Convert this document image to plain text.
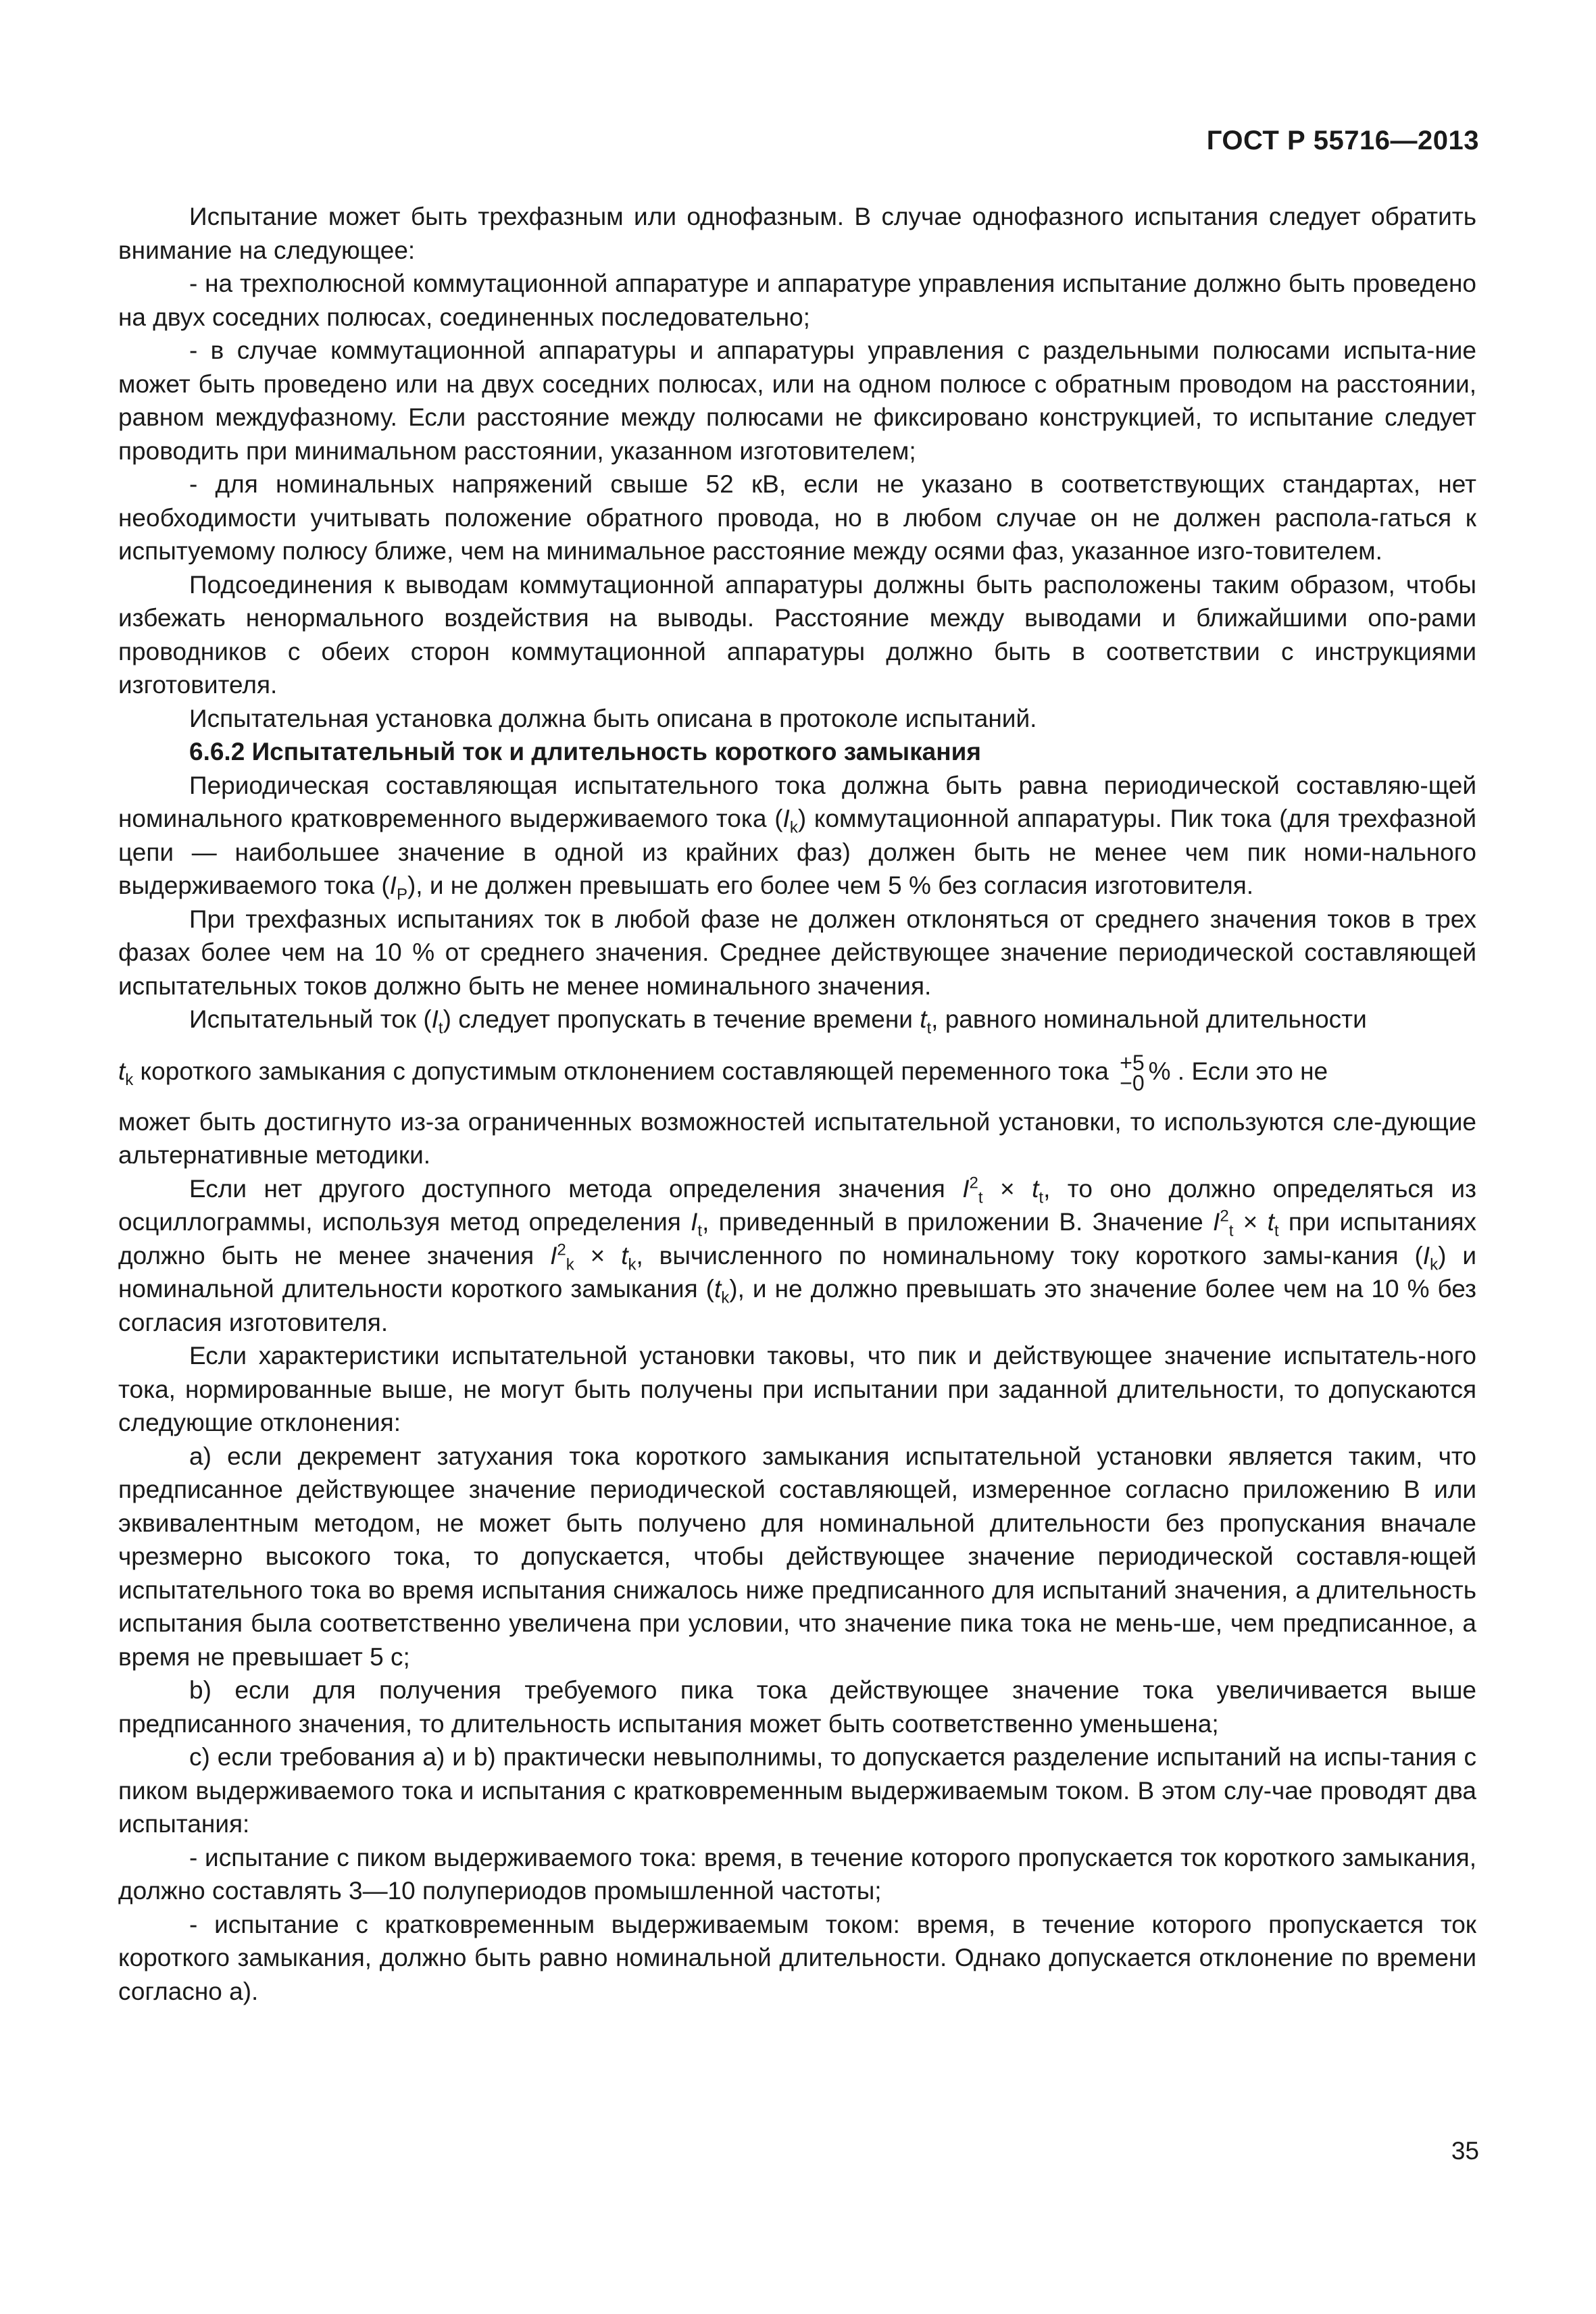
ГОСТ Р 55716—2013

Испытание может быть трехфазным или однофазным. В случае однофазного испытания следует обратить внимание на следующее:

- на трехполюсной коммутационной аппаратуре и аппаратуре управления испытание должно быть проведено на двух соседних полюсах, соединенных последовательно;

- в случае коммутационной аппаратуры и аппаратуры управления с раздельными полюсами испыта-ние может быть проведено или на двух соседних полюсах, или на одном полюсе с обратным проводом на расстоянии, равном междуфазному. Если расстояние между полюсами не фиксировано конструкцией, то испытание следует проводить при минимальном расстоянии, указанном изготовителем;

- для номинальных напряжений свыше 52 кВ, если не указано в соответствующих стандартах, нет необходимости учитывать положение обратного провода, но в любом случае он не должен распола-гаться к испытуемому полюсу ближе, чем на минимальное расстояние между осями фаз, указанное изго-товителем.

Подсоединения к выводам коммутационной аппаратуры должны быть расположены таким образом, чтобы избежать ненормального воздействия на выводы. Расстояние между выводами и ближайшими опо-рами проводников с обеих сторон коммутационной аппаратуры должно быть в соответствии с инструкциями изготовителя.

Испытательная установка должна быть описана в протоколе испытаний.

6.6.2 Испытательный ток и длительность короткого замыкания

Периодическая составляющая испытательного тока должна быть равна периодической составляю-щей номинального кратковременного выдерживаемого тока $(I_k)$ коммутационной аппаратуры. Пик тока (для трехфазной цепи — наибольшее значение в одной из крайних фаз) должен быть не менее чем пик номи-нального выдерживаемого тока $(I_P)$, и не должен превышать его более чем 5 % без согласия изготовителя.

При трехфазных испытаниях ток в любой фазе не должен отклоняться от среднего значения токов в трех фазах более чем на 10 % от среднего значения. Среднее действующее значение периодической составляющей испытательных токов должно быть не менее номинального значения.

Испытательный ток $(I_t)$ следует пропускать в течение времени $t_t$, равного номинальной длительности

$t_k$ короткого замыкания с допустимым отклонением составляющей переменного тока +5
−0 % . Если это не

может быть достигнуто из-за ограниченных возможностей испытательной установки, то используются сле-дующие альтернативные методики.

Если нет другого доступного метода определения значения $I^2_t \times t_t$, то оно должно определяться из осциллограммы, используя метод определения $I_t$, приведенный в приложении В. Значение $I^2_t \times t_t$ при испытаниях должно быть не менее значения $I^2_k \times t_k$, вычисленного по номинальному току короткого замы-кания $(I_k)$ и номинальной длительности короткого замыкания $(t_k)$, и не должно превышать это значение более чем на 10 % без согласия изготовителя.

Если характеристики испытательной установки таковы, что пик и действующее значение испытатель-ного тока, нормированные выше, не могут быть получены при испытании при заданной длительности, то допускаются следующие отклонения:

а) если декремент затухания тока короткого замыкания испытательной установки является таким, что предписанное действующее значение периодической составляющей, измеренное согласно приложению В или эквивалентным методом, не может быть получено для номинальной длительности без пропускания вначале чрезмерно высокого тока, то допускается, чтобы действующее значение периодической составля-ющей испытательного тока во время испытания снижалось ниже предписанного для испытаний значения, а длительность испытания была соответственно увеличена при условии, что значение пика тока не мень-ше, чем предписанное, а время не превышает 5 с;

b) если для получения требуемого пика тока действующее значение тока увеличивается выше предписанного значения, то длительность испытания может быть соответственно уменьшена;

с) если требования а) и b) практически невыполнимы, то допускается разделение испытаний на испы-тания с пиком выдерживаемого тока и испытания с кратковременным выдерживаемым током. В этом слу-чае проводят два испытания:

- испытание с пиком выдерживаемого тока: время, в течение которого пропускается ток короткого замыкания, должно составлять 3—10 полупериодов промышленной частоты;

- испытание с кратковременным выдерживаемым током: время, в течение которого пропускается ток короткого замыкания, должно быть равно номинальной длительности. Однако допускается отклонение по времени согласно а).

35
